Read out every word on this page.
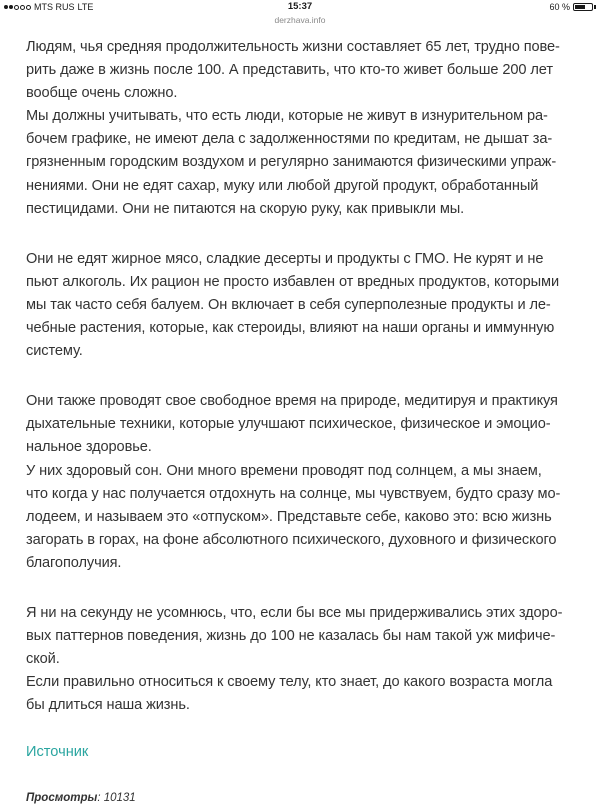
MTS RUS LTE	15:37	60 %
derzhava.info

Людям, чья средняя продолжительность жизни составляет 65 лет, трудно пове-
рить даже в жизнь после 100. А представить, что кто-то живет больше 200 лет
вообще очень сложно.
Мы должны учитывать, что есть люди, которые не живут в изнурительном ра-
бочем графике, не имеют дела с задолженностями по кредитам, не дышат за-
грязненным городским воздухом и регулярно занимаются физическими упраж-
нениями. Они не едят сахар, муку или любой другой продукт, обработанный
пестицидами. Они не питаются на скорую руку, как привыкли мы.

Они не едят жирное мясо, сладкие десерты и продукты с ГМО. Не курят и не
пьют алкоголь. Их рацион не просто избавлен от вредных продуктов, которыми
мы так часто себя балуем. Он включает в себя суперполезные продукты и ле-
чебные растения, которые, как стероиды, влияют на наши органы и иммунную
систему.

Они также проводят свое свободное время на природе, медитируя и практикуя
дыхательные техники, которые улучшают психическое, физическое и эмоцио-
нальное здоровье.
У них здоровый сон. Они много времени проводят под солнцем, а мы знаем,
что когда у нас получается отдохнуть на солнце, мы чувствуем, будто сразу мо-
лодеем, и называем это «отпуском». Представьте себе, каково это: всю жизнь
загорать в горах, на фоне абсолютного психического, духовного и физического
благополучия.

Я ни на секунду не усомнюсь, что, если бы все мы придерживались этих здоро-
вых паттернов поведения, жизнь до 100 не казалась бы нам такой уж мифиче-
ской.
Если правильно относиться к своему телу, кто знает, до какого возраста могла
бы длиться наша жизнь.

Источник
Просмотры: 10131
